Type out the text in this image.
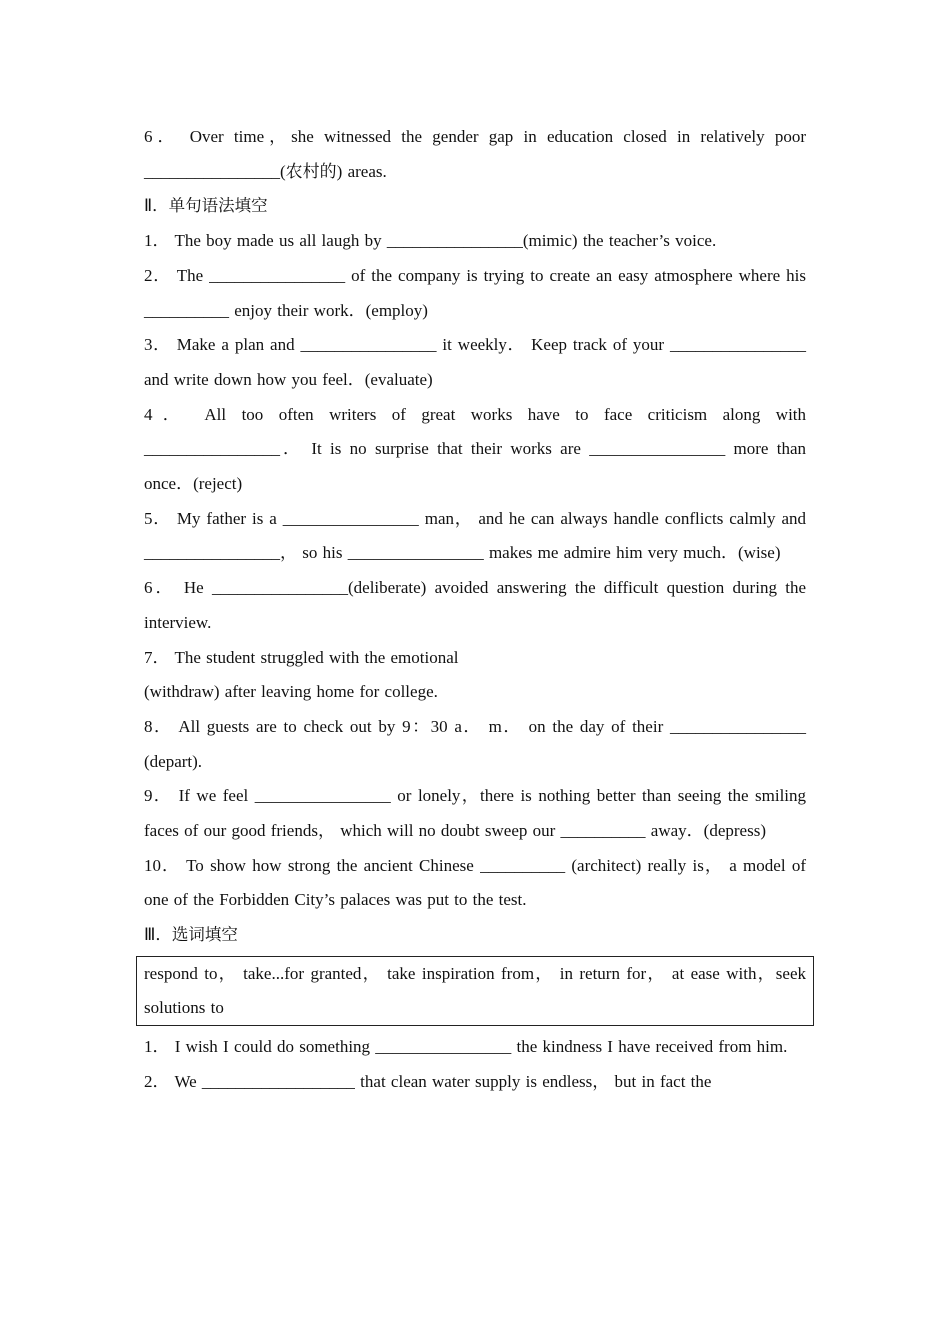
6． Over time，she witnessed the gender gap in education closed in relatively poor ________________(农村的) areas.

Ⅱ．单句语法填空

1． The boy made us all laugh by ________________(mimic) the teacher’s voice.

2． The ________________ of the company is trying to create an easy atmosphere where his __________ enjoy their work．(employ)

3． Make a plan and ________________ it weekly． Keep track of your ________________ and write down how you feel．(evaluate)

4． All too often writers of great works have to face criticism along with ________________． It is no surprise that their works are ________________ more than once．(reject)

5． My father is a ________________ man， and he can always handle conflicts calmly and ________________， so his ________________ makes me admire him very much．(wise)

6． He ________________(deliberate) avoided answering the difficult question during the interview.

7． The student struggled with the emotional
(withdraw) after leaving home for college.

8． All guests are to check out by 9：30 a． m． on the day of their ________________ (depart).

9． If we feel ________________ or lonely，there is nothing better than seeing the smiling faces of our good friends， which will no doubt sweep our __________ away．(depress)

10． To show how strong the ancient Chinese __________ (architect) really is， a model of one of the Forbidden City’s palaces was put to the test.

Ⅲ．选词填空

respond to， take...for granted， take inspiration from， in return for， at ease with，seek solutions to

1． I wish I could do something ________________ the kindness I have received from him.

2． We __________________ that clean water supply is endless， but in fact the
